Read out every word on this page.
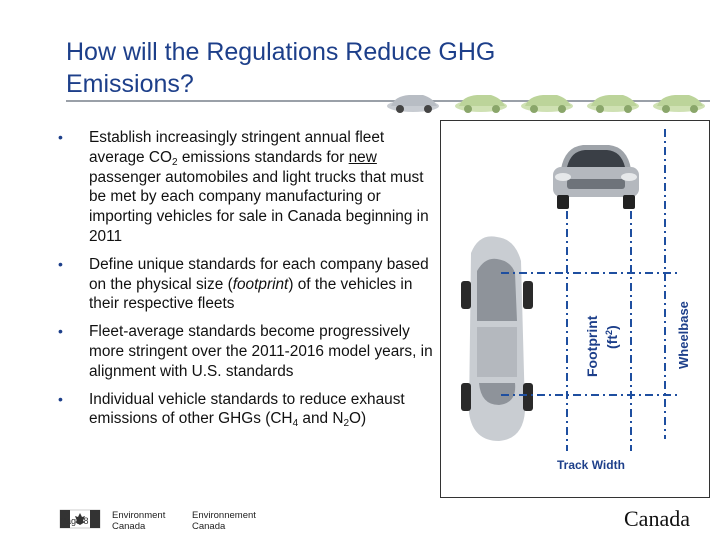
How will the Regulations Reduce GHG Emissions?
• Establish increasingly stringent annual fleet average $CO_2$ emissions standards for new passenger automobiles and light trucks that must be met by each company manufacturing or importing vehicles for sale in Canada beginning in 2011
• Define unique standards for each company based on the physical size (footprint) of the vehicles in their respective fleets
• Fleet-average standards become progressively more stringent over the 2011-2016 model years, in alignment with U.S. standards
• Individual vehicle standards to reduce exhaust emissions of other GHGs ($CH_4$ and $N_2O$)
Footprint $(ft^2)$	Wheelbase
Track Width
Environment
Canada
Environnement
Canada
Page 8	Canada
